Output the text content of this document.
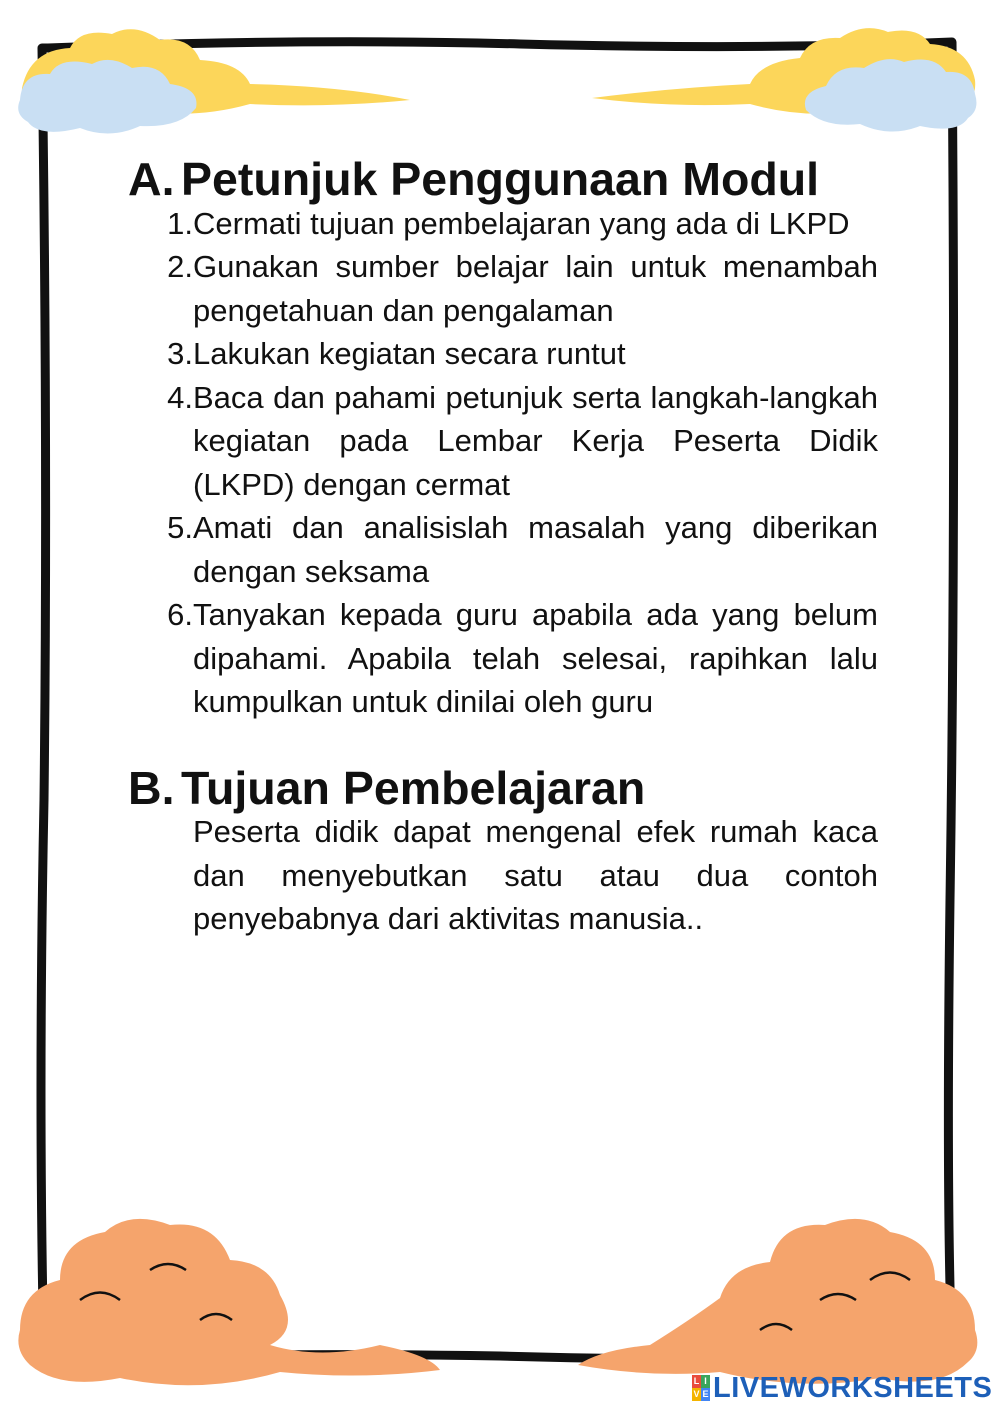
A. Petunjuk Penggunaan Modul
1. Cermati tujuan pembelajaran yang ada di LKPD
2. Gunakan sumber belajar lain untuk menambah pengetahuan dan pengalaman
3. Lakukan kegiatan secara runtut
4. Baca dan pahami petunjuk serta langkah-langkah kegiatan pada Lembar Kerja Peserta Didik (LKPD) dengan cermat
5. Amati dan analisislah masalah yang diberikan dengan seksama
6. Tanyakan kepada guru apabila ada yang belum dipahami. Apabila telah selesai, rapihkan lalu kumpulkan untuk dinilai oleh guru
B. Tujuan Pembelajaran

Peserta didik dapat mengenal efek rumah kaca dan menyebutkan satu atau dua contoh penyebabnya dari aktivitas manusia..

L I
V E LIVEWORKSHEETS
